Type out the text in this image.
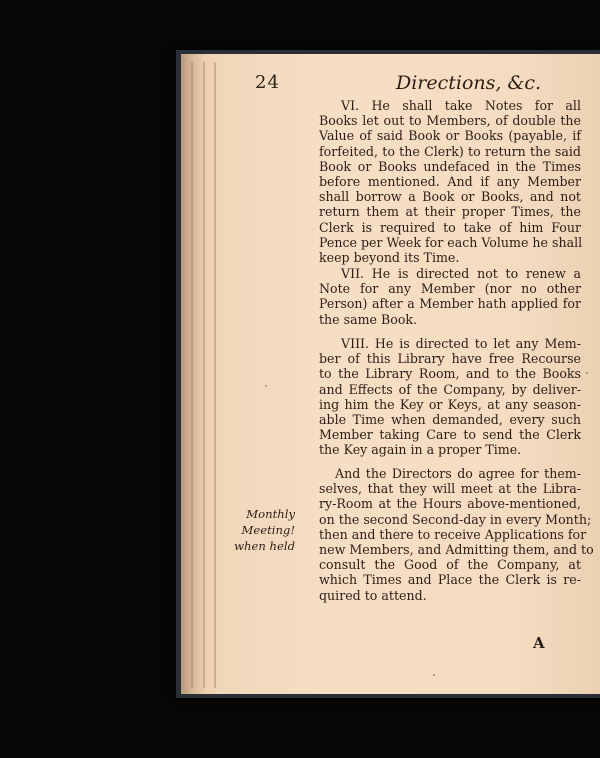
24	Directions, &c.
VI. He shall take Notes for all
Books let out to Members, of double the
Value of said Book or Books (payable, if
forfeited, to the Clerk) to return the said
Book or Books undefaced in the Times
before mentioned. And if any Member
shall borrow a Book or Books, and not
return them at their proper Times, the
Clerk is required to take of him Four
Pence per Week for each Volume he shall
keep beyond its Time.
VII. He is directed not to renew a
Note for any Member (nor no other
Person) after a Member hath applied for
the same Book.
VIII. He is directed to let any Mem-
ber of this Library have free Recourse
to the Library Room, and to the Books
and Effects of the Company, by deliver-
ing him the Key or Keys, at any season-
able Time when demanded, every such
Member taking Care to send the Clerk
the Key again in a proper Time.
And the Directors do agree for them-
selves, that they will meet at the Libra-
ry-Room at the Hours above-mentioned,
on the second Second-day in every Month;
then and there to receive Applications for
new Members, and Admitting them, and to
consult the Good of the Company, at
which Times and Place the Clerk is re-
quired to attend.
Monthly
Meeting!
when held
A
